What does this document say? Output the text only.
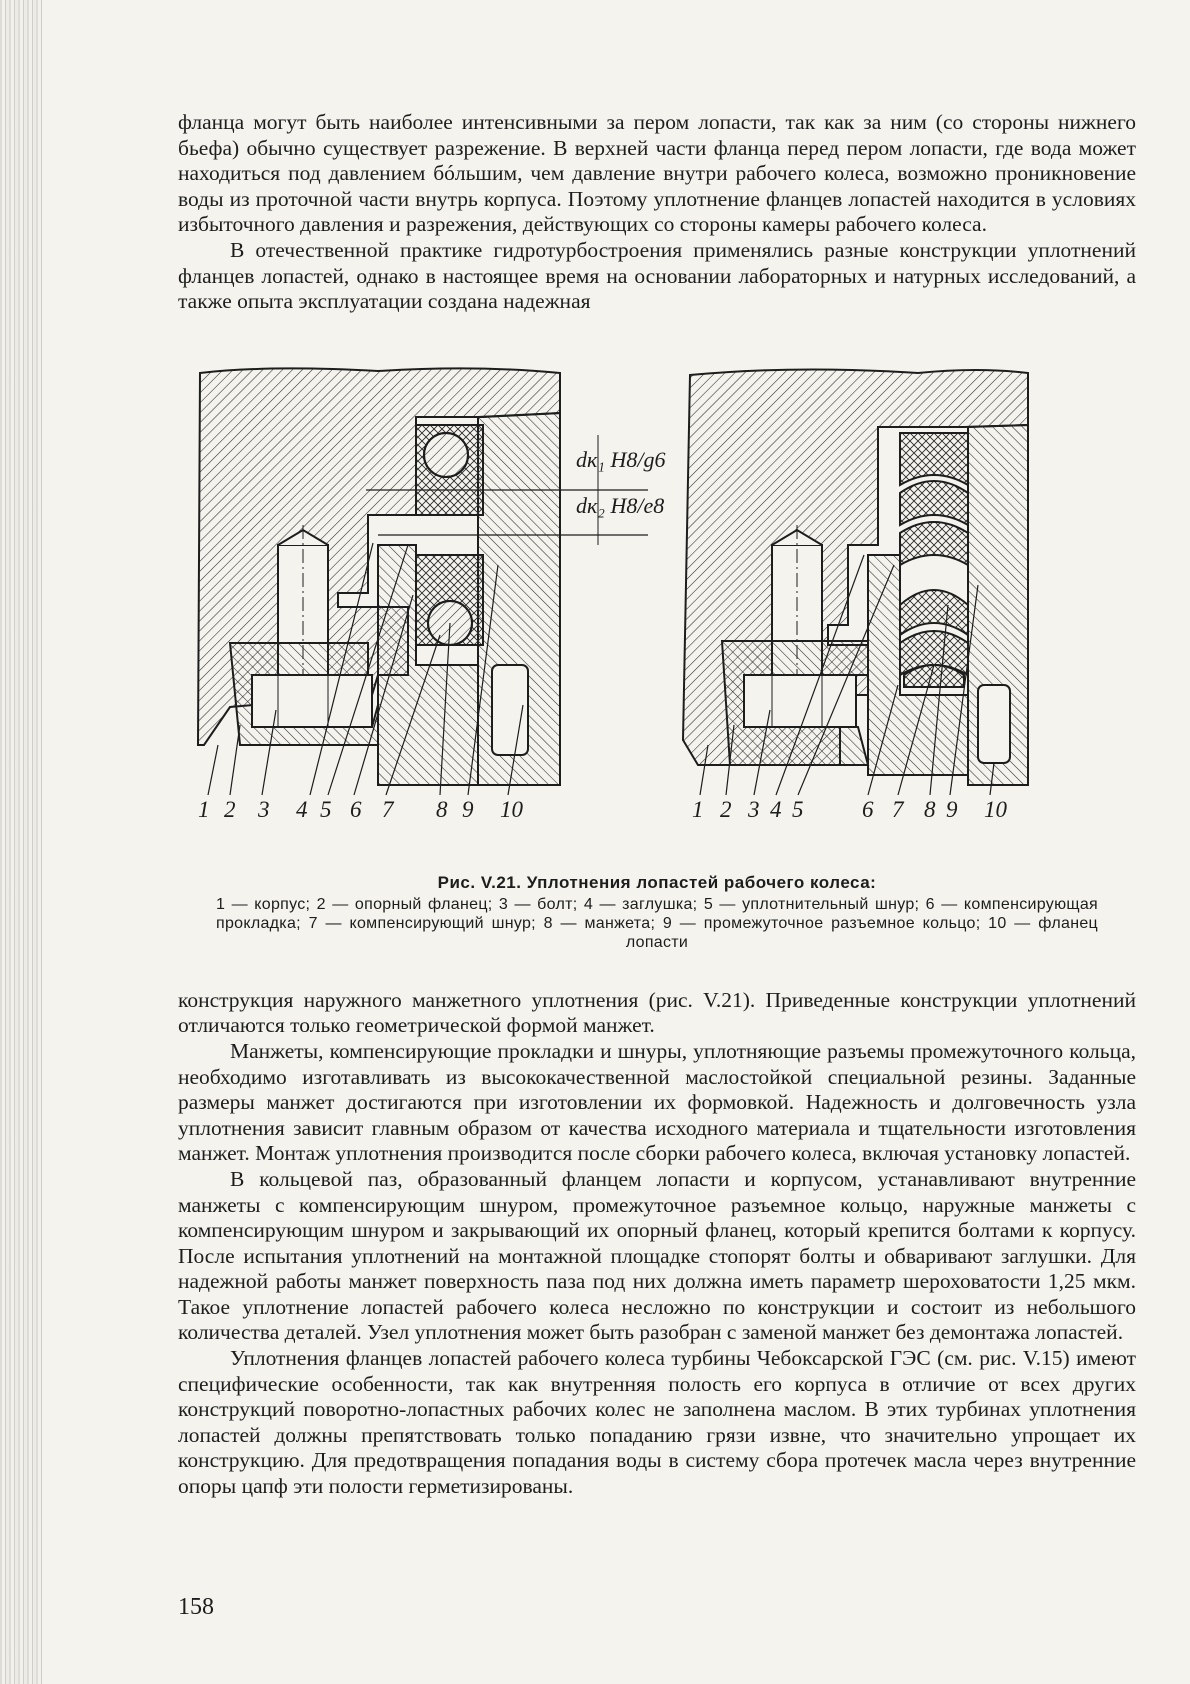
фланца могут быть наиболее интенсивными за пером лопасти, так как за ним (со стороны нижнего бьефа) обычно существует разрежение. В верхней части фланца перед пером лопасти, где вода может находиться под давлением бóльшим, чем давление внутри рабочего колеса, возможно проникновение воды из проточной части внутрь корпуса. Поэтому уплотнение фланцев лопастей находится в условиях избыточного давления и разрежения, действующих со стороны камеры рабочего колеса.

В отечественной практике гидротурбостроения применялись разные конструкции уплотнений фланцев лопастей, однако в настоящее время на основании лабораторных и натурных исследований, а также опыта эксплуатации создана надежная

dк₁ H8/g6
dк₂ H8/e8
1 2 3 4 5 6 7 8 9 10	1 2 3 4 5	6 7 8 9 10
Рис. V.21. Уплотнения лопастей рабочего колеса:
1 — корпус; 2 — опорный фланец; 3 — болт; 4 — заглушка; 5 — уплотнительный шнур; 6 — компенсирующая прокладка; 7 — компенсирующий шнур; 8 — манжета; 9 — промежуточное разъемное кольцо; 10 — фланец лопасти

конструкция наружного манжетного уплотнения (рис. V.21). Приведенные конструкции уплотнений отличаются только геометрической формой манжет.

Манжеты, компенсирующие прокладки и шнуры, уплотняющие разъемы промежуточного кольца, необходимо изготавливать из высококачественной маслостойкой специальной резины. Заданные размеры манжет достигаются при изготовлении их формовкой. Надежность и долговечность узла уплотнения зависит главным образом от качества исходного материала и тщательности изготовления манжет. Монтаж уплотнения производится после сборки рабочего колеса, включая установку лопастей.

В кольцевой паз, образованный фланцем лопасти и корпусом, устанавливают внутренние манжеты с компенсирующим шнуром, промежуточное разъемное кольцо, наружные манжеты с компенсирующим шнуром и закрывающий их опорный фланец, который крепится болтами к корпусу. После испытания уплотнений на монтажной площадке стопорят болты и обваривают заглушки. Для надежной работы манжет поверхность паза под них должна иметь параметр шероховатости 1,25 мкм. Такое уплотнение лопастей рабочего колеса несложно по конструкции и состоит из небольшого количества деталей. Узел уплотнения может быть разобран с заменой манжет без демонтажа лопастей.

Уплотнения фланцев лопастей рабочего колеса турбины Чебоксарской ГЭС (см. рис. V.15) имеют специфические особенности, так как внутренняя полость его корпуса в отличие от всех других конструкций поворотно-лопастных рабочих колес не заполнена маслом. В этих турбинах уплотнения лопастей должны препятствовать только попаданию грязи извне, что значительно упрощает их конструкцию. Для предотвращения попадания воды в систему сбора протечек масла через внутренние опоры цапф эти полости герметизированы.

158
